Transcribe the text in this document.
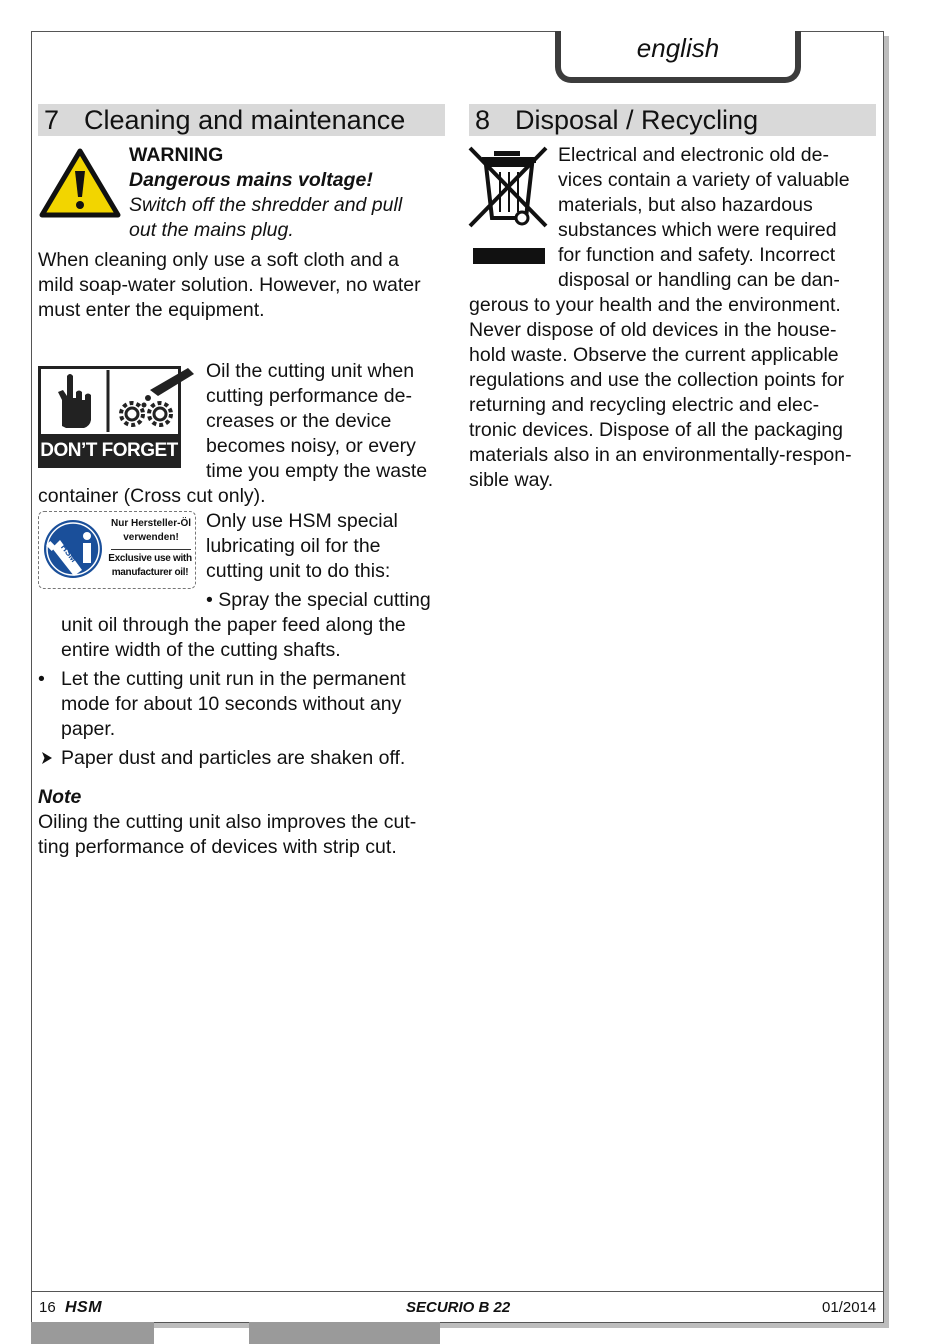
english
7 Cleaning and maintenance
WARNING
Dangerous mains voltage!
Switch off the shredder and pull
out the mains plug.
When cleaning only use a soft cloth and a
mild soap-water solution. However, no water
must enter the equipment.
DON’T FORGET
Oil the cutting unit when
cutting performance de-
creases or the device
becomes noisy, or every
time you empty the waste
container (Cross cut only).
HSM
Nur Hersteller-Öl
verwenden!
Exclusive use with
manufacturer oil!
Only use HSM special
lubricating oil for the
cutting unit to do this:
• Spray the special cutting
unit oil through the paper feed along the
entire width of the cutting shafts.
• Let the cutting unit run in the permanent
mode for about 10 seconds without any
paper.
Paper dust and particles are shaken off.
Note
Oiling the cutting unit also improves the cut-
ting performance of devices with strip cut.
8 Disposal / Recycling
Electrical and electronic old de-
vices contain a variety of valuable
materials, but also hazardous
substances which were required
for function and safety. Incorrect
disposal or handling can be dan-
gerous to your health and the environment.
Never dispose of old devices in the house-
hold waste. Observe the current applicable
regulations and use the collection points for
returning and recycling electric and elec-
tronic devices. Dispose of all the packaging
materials also in an environmentally-respon-
sible way.
16 HSM	SECURIO B 22	01/2014
